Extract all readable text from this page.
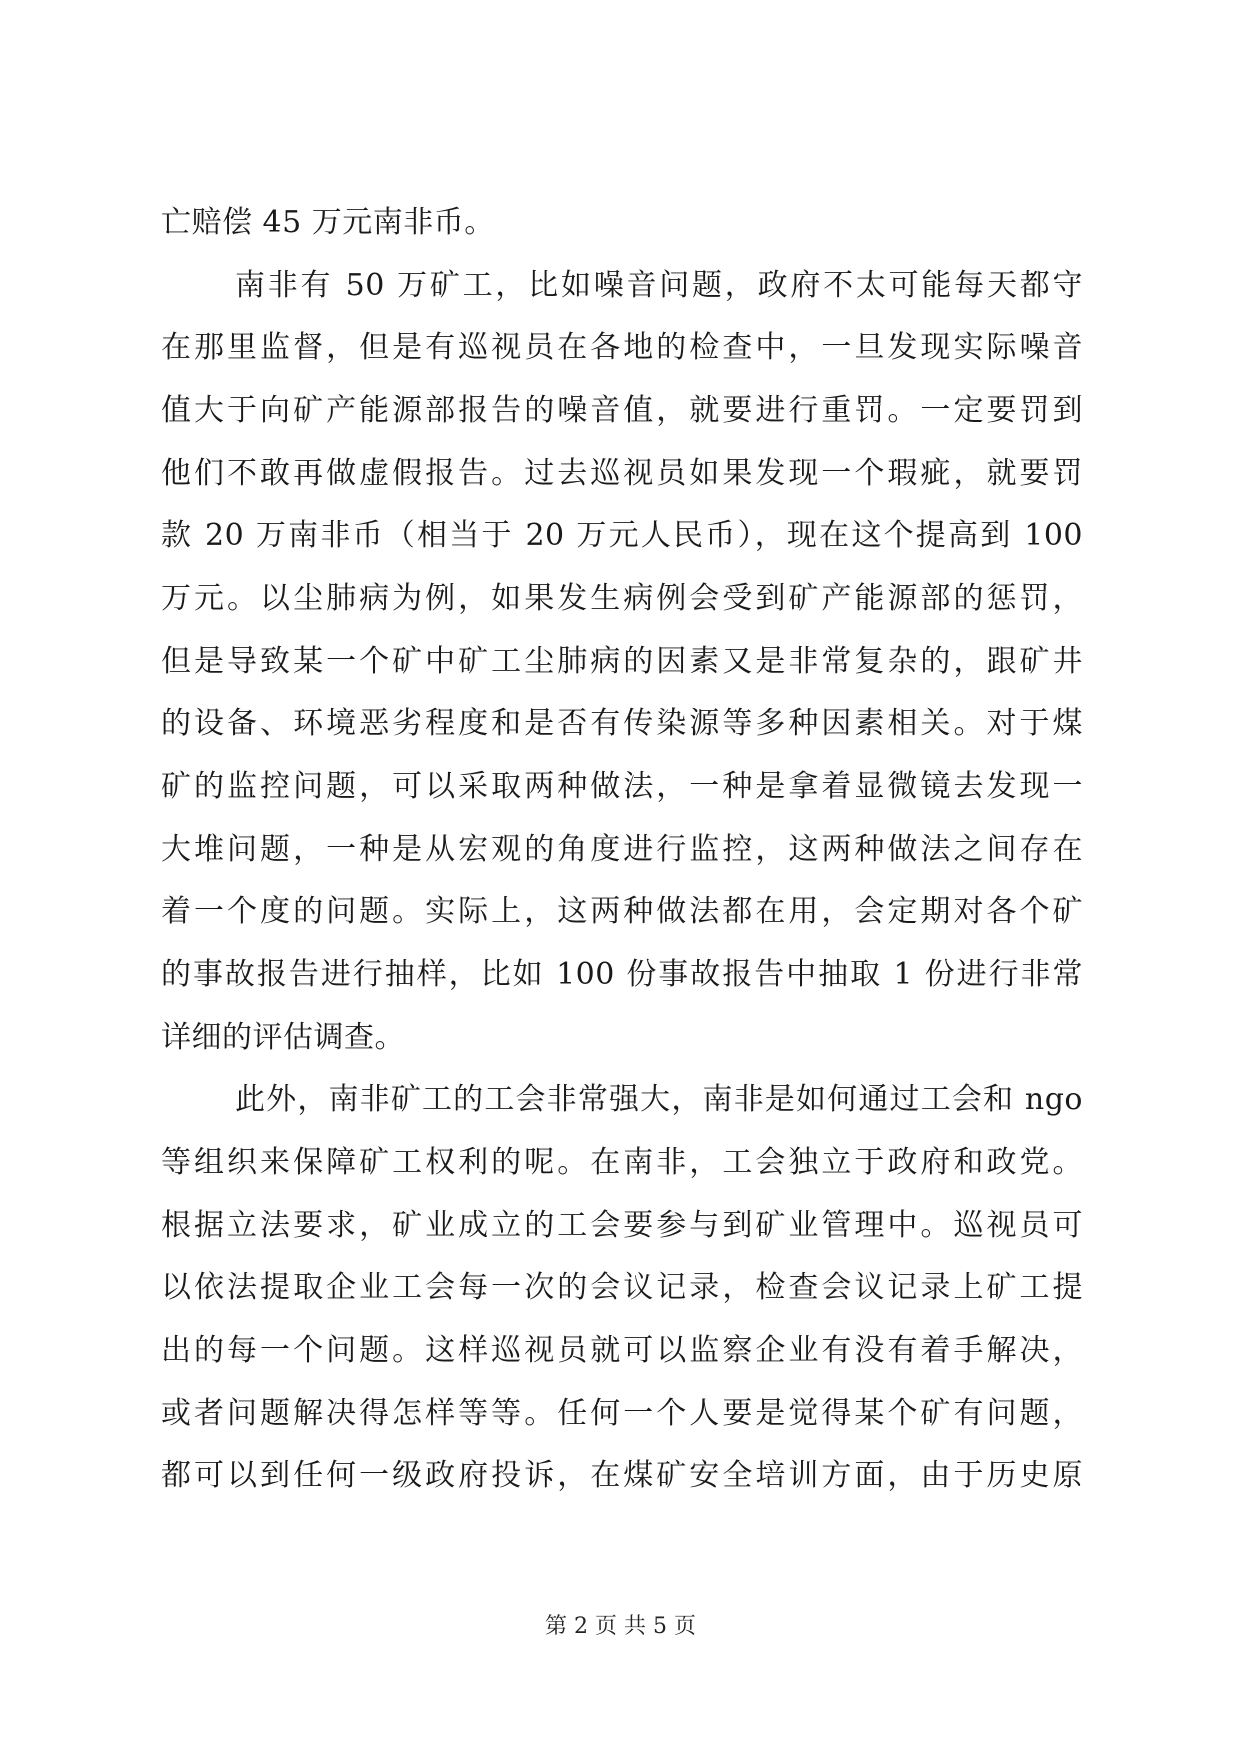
亡赔偿 45 万元南非币。
南非有 50 万矿工，比如噪音问题，政府不太可能每天都守
在那里监督，但是有巡视员在各地的检查中，一旦发现实际噪音
值大于向矿产能源部报告的噪音值，就要进行重罚。一定要罚到
他们不敢再做虚假报告。过去巡视员如果发现一个瑕疵，就要罚
款 20 万南非币（相当于 20 万元人民币），现在这个提高到 100
万元。以尘肺病为例，如果发生病例会受到矿产能源部的惩罚，
但是导致某一个矿中矿工尘肺病的因素又是非常复杂的，跟矿井
的设备、环境恶劣程度和是否有传染源等多种因素相关。对于煤
矿的监控问题，可以采取两种做法，一种是拿着显微镜去发现一
大堆问题，一种是从宏观的角度进行监控，这两种做法之间存在
着一个度的问题。实际上，这两种做法都在用，会定期对各个矿
的事故报告进行抽样，比如 100 份事故报告中抽取 1 份进行非常
详细的评估调查。
此外，南非矿工的工会非常强大，南非是如何通过工会和 ngo
等组织来保障矿工权利的呢。在南非，工会独立于政府和政党。
根据立法要求，矿业成立的工会要参与到矿业管理中。巡视员可
以依法提取企业工会每一次的会议记录，检查会议记录上矿工提
出的每一个问题。这样巡视员就可以监察企业有没有着手解决，
或者问题解决得怎样等等。任何一个人要是觉得某个矿有问题，
都可以到任何一级政府投诉，在煤矿安全培训方面，由于历史原
第 2 页 共 5 页
